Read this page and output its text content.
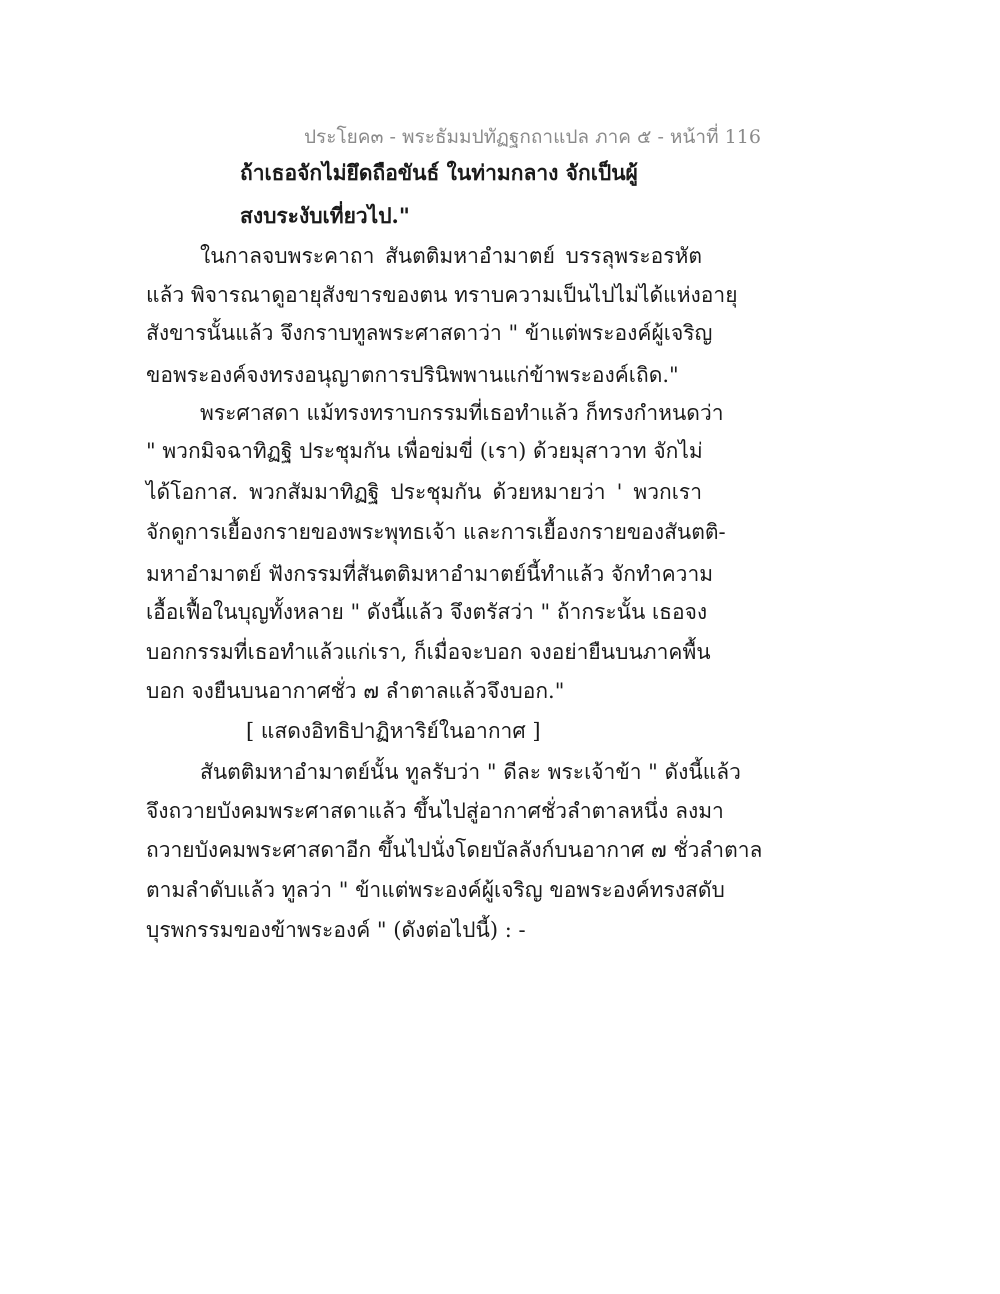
ประโยค๓ - พระธัมมปทัฏฐกถาแปล ภาค ๕ - หน้าที่ 116
ถ้าเธอจักไม่ยึดถือขันธ์ ในท่ามกลาง จักเป็นผู้
สงบระงับเที่ยวไป."
ในกาลจบพระคาถา สันตติมหาอำมาตย์ บรรลุพระอรหัต
แล้ว พิจารณาดูอายุสังขารของตน ทราบความเป็นไปไม่ได้แห่งอายุ
สังขารนั้นแล้ว จึงกราบทูลพระศาสดาว่า " ข้าแต่พระองค์ผู้เจริญ
ขอพระองค์จงทรงอนุญาตการปรินิพพานแก่ข้าพระองค์เถิด."
พระศาสดา แม้ทรงทราบกรรมที่เธอทำแล้ว ก็ทรงกำหนดว่า
" พวกมิจฉาทิฏฐิ ประชุมกัน เพื่อข่มขี่ (เรา) ด้วยมุสาวาท จักไม่
ได้โอกาส. พวกสัมมาทิฏฐิ ประชุมกัน ด้วยหมายว่า ' พวกเรา
จักดูการเยื้องกรายของพระพุทธเจ้า และการเยื้องกรายของสันตติ-
มหาอำมาตย์ ฟังกรรมที่สันตติมหาอำมาตย์นี้ทำแล้ว จักทำความ
เอื้อเฟื้อในบุญทั้งหลาย " ดังนี้แล้ว จึงตรัสว่า " ถ้ากระนั้น เธอจง
บอกกรรมที่เธอทำแล้วแก่เรา, ก็เมื่อจะบอก จงอย่ายืนบนภาคพื้น
บอก จงยืนบนอากาศชั่ว ๗ ลำตาลแล้วจึงบอก."
[ แสดงอิทธิปาฏิหาริย์ในอากาศ ]
สันตติมหาอำมาตย์นั้น ทูลรับว่า " ดีละ พระเจ้าข้า " ดังนี้แล้ว
จึงถวายบังคมพระศาสดาแล้ว ขึ้นไปสู่อากาศชั่วลำตาลหนึ่ง ลงมา
ถวายบังคมพระศาสดาอีก ขึ้นไปนั่งโดยบัลลังก์บนอากาศ ๗ ชั่วลำตาล
ตามลำดับแล้ว ทูลว่า " ข้าแต่พระองค์ผู้เจริญ ขอพระองค์ทรงสดับ
บุรพกรรมของข้าพระองค์ " (ดังต่อไปนี้) : -
